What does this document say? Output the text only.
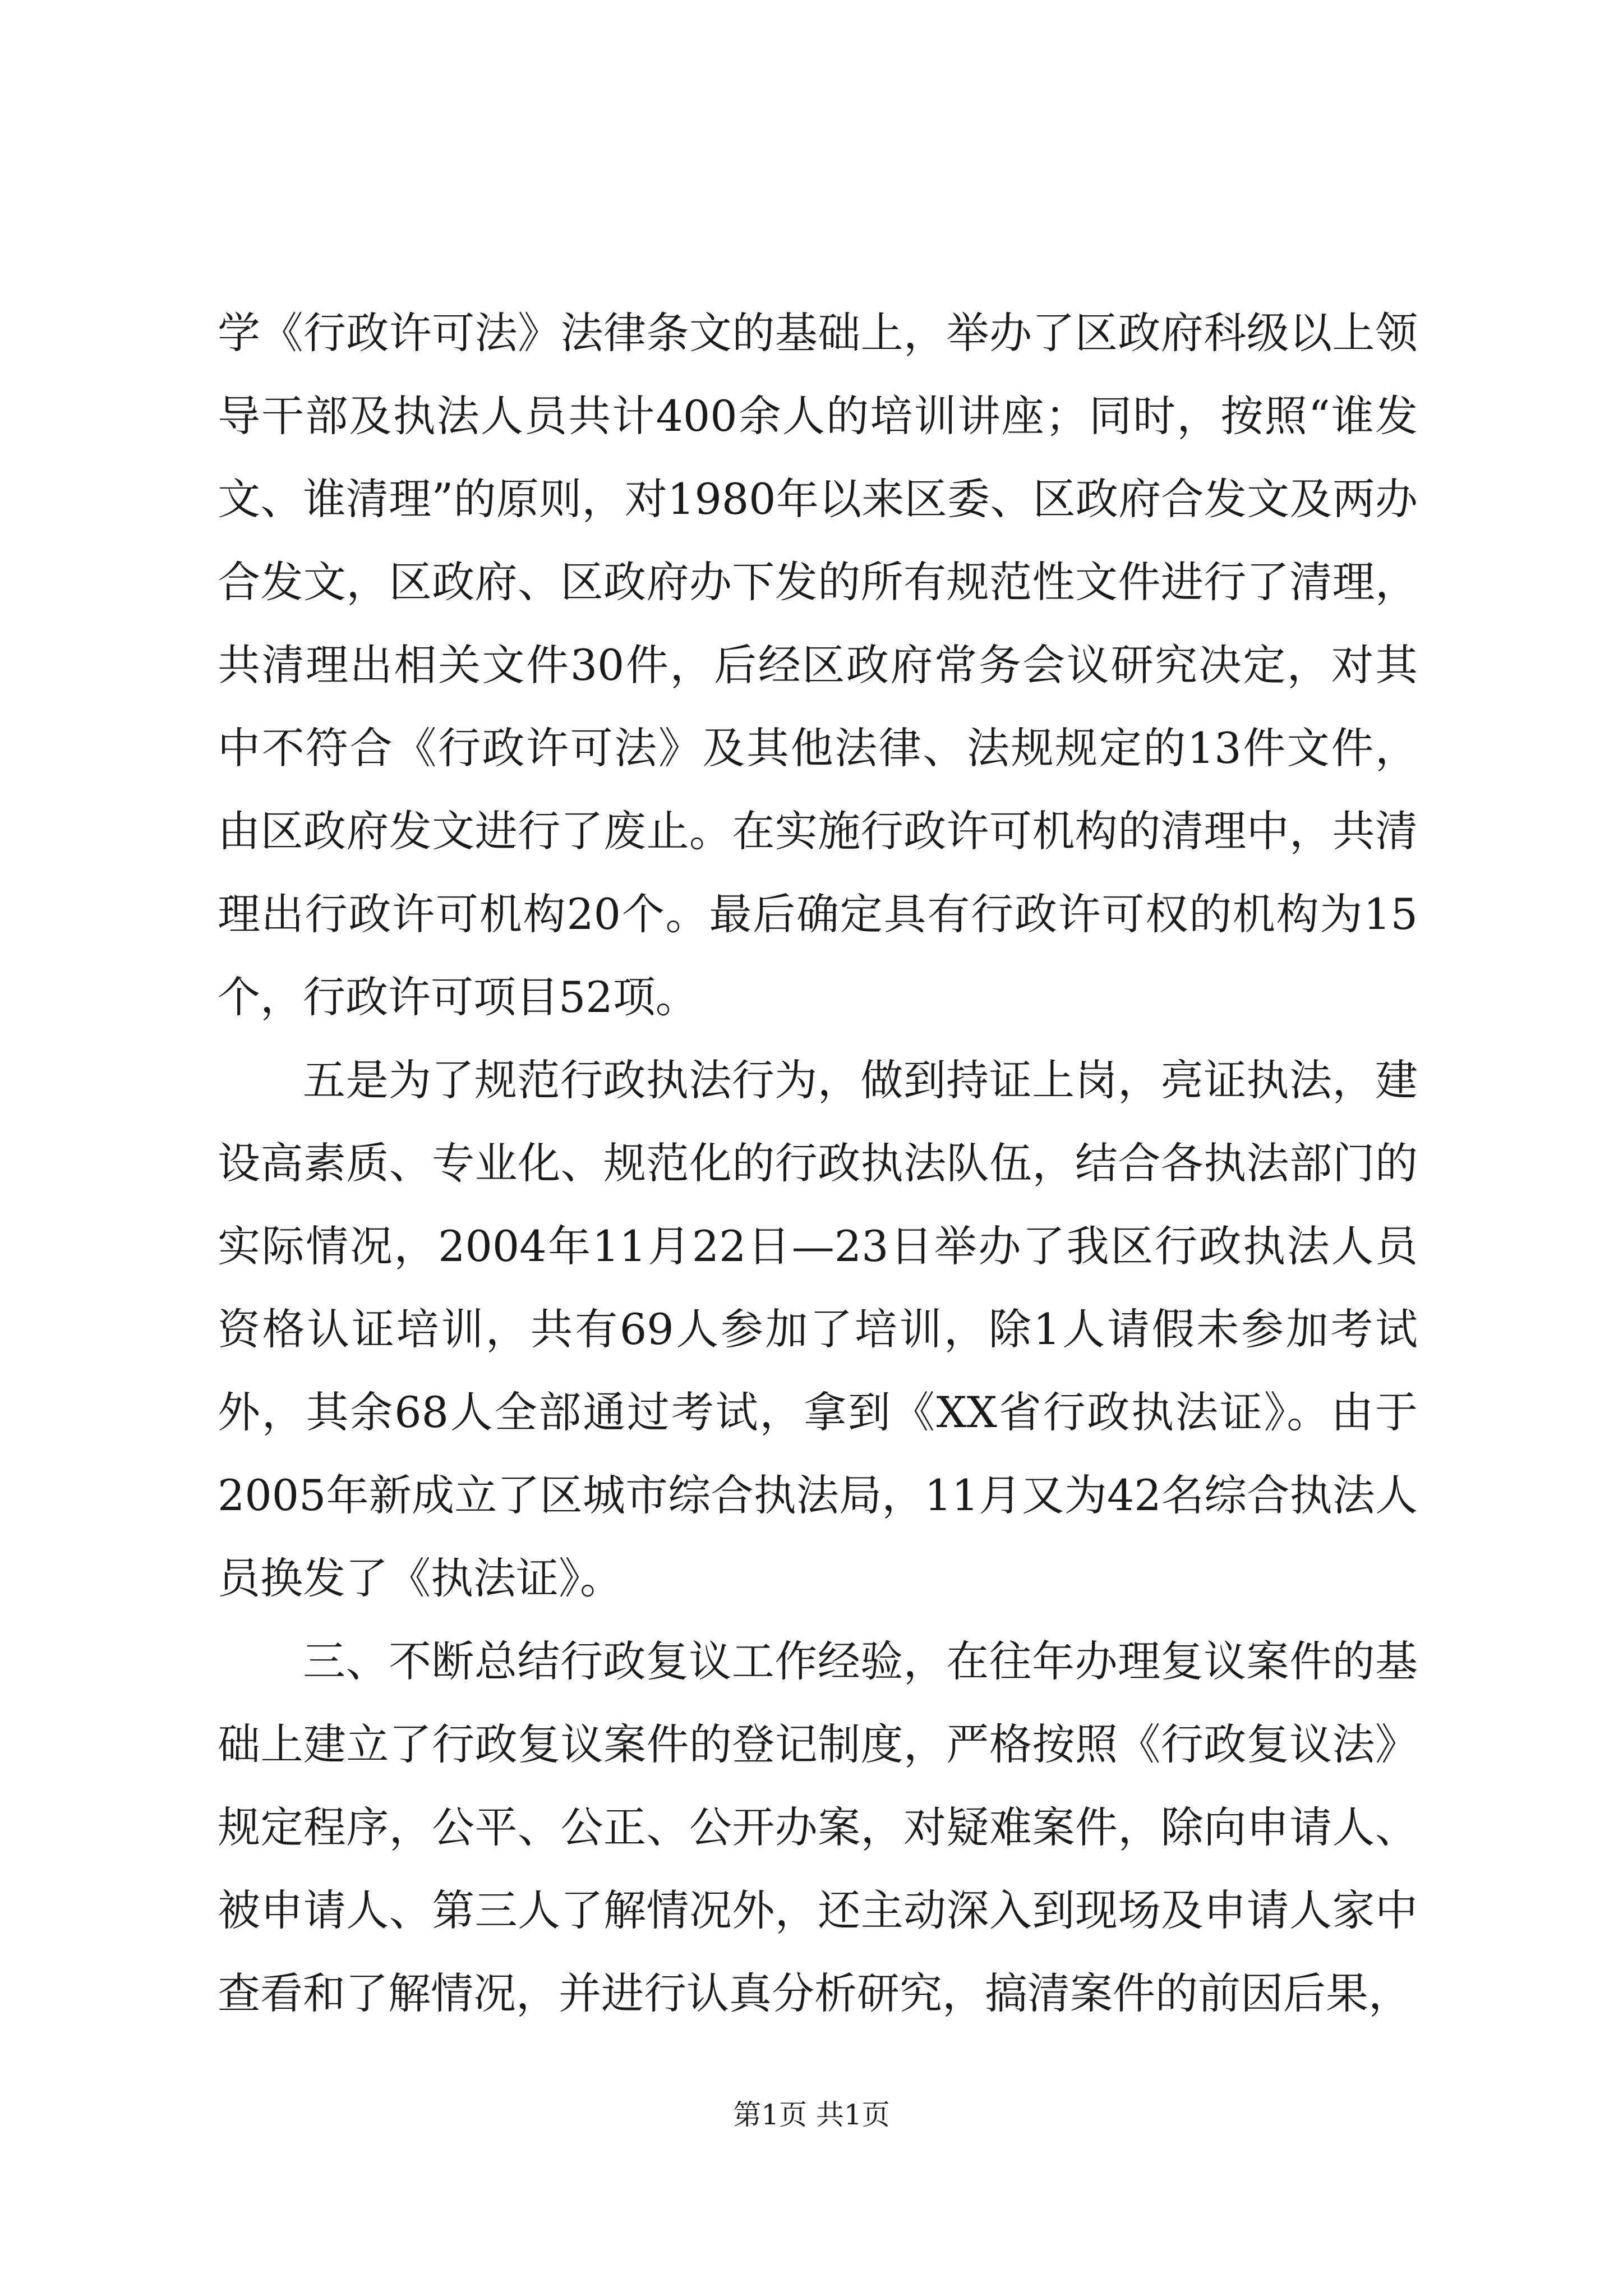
学《行政许可法》法律条文的基础上，举办了区政府科级以上领导干部及执法人员共计400余人的培训讲座；同时，按照“谁发文、谁清理”的原则，对1980年以来区委、区政府合发文及两办合发文，区政府、区政府办下发的所有规范性文件进行了清理，共清理出相关文件30件，后经区政府常务会议研究决定，对其中不符合《行政许可法》及其他法律、法规规定的13件文件，由区政府发文进行了废止。在实施行政许可机构的清理中，共清理出行政许可机构20个。最后确定具有行政许可权的机构为15个，行政许可项目52项。

五是为了规范行政执法行为，做到持证上岗，亮证执法，建设高素质、专业化、规范化的行政执法队伍，结合各执法部门的实际情况，2004年11月22日—23日举办了我区行政执法人员资格认证培训，共有69人参加了培训，除1人请假未参加考试外，其余68人全部通过考试，拿到《XX省行政执法证》。由于2005年新成立了区城市综合执法局，11月又为42名综合执法人员换发了《执法证》。

三、不断总结行政复议工作经验，在往年办理复议案件的基础上建立了行政复议案件的登记制度，严格按照《行政复议法》规定程序，公平、公正、公开办案，对疑难案件，除向申请人、被申请人、第三人了解情况外，还主动深入到现场及申请人家中查看和了解情况，并进行认真分析研究，搞清案件的前因后果，

第1页 共1页
